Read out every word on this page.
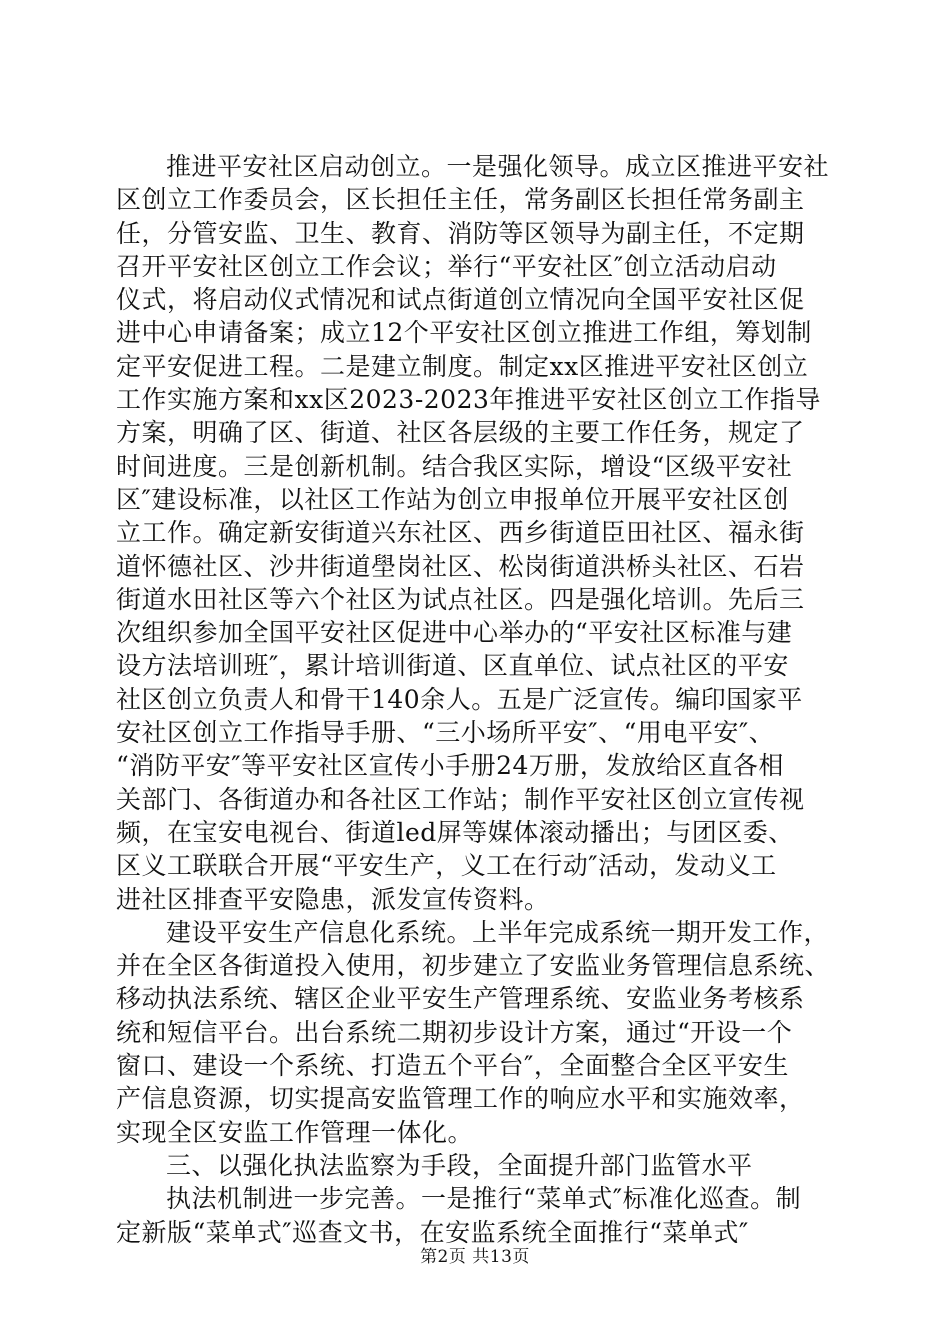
推进平安社区启动创立。一是强化领导。成立区推进平安社
区创立工作委员会，区长担任主任，常务副区长担任常务副主
任，分管安监、卫生、教育、消防等区领导为副主任，不定期
召开平安社区创立工作会议；举行“平安社区″创立活动启动
仪式，将启动仪式情况和试点街道创立情况向全国平安社区促
进中心申请备案；成立12个平安社区创立推进工作组，筹划制
定平安促进工程。二是建立制度。制定xx区推进平安社区创立
工作实施方案和xx区2023-2023年推进平安社区创立工作指导
方案，明确了区、街道、社区各层级的主要工作任务，规定了
时间进度。三是创新机制。结合我区实际，增设“区级平安社
区″建设标准，以社区工作站为创立申报单位开展平安社区创
立工作。确定新安街道兴东社区、西乡街道臣田社区、福永街
道怀德社区、沙井街道壆岗社区、松岗街道洪桥头社区、石岩
街道水田社区等六个社区为试点社区。四是强化培训。先后三
次组织参加全国平安社区促进中心举办的“平安社区标准与建
设方法培训班″，累计培训街道、区直单位、试点社区的平安
社区创立负责人和骨干140余人。五是广泛宣传。编印国家平
安社区创立工作指导手册、“三小场所平安″、“用电平安″、
“消防平安″等平安社区宣传小手册24万册，发放给区直各相
关部门、各街道办和各社区工作站；制作平安社区创立宣传视
频，在宝安电视台、街道led屏等媒体滚动播出；与团区委、
区义工联联合开展“平安生产，义工在行动″活动，发动义工
进社区排查平安隐患，派发宣传资料。
建设平安生产信息化系统。上半年完成系统一期开发工作，
并在全区各街道投入使用，初步建立了安监业务管理信息系统、
移动执法系统、辖区企业平安生产管理系统、安监业务考核系
统和短信平台。出台系统二期初步设计方案，通过“开设一个
窗口、建设一个系统、打造五个平台″，全面整合全区平安生
产信息资源，切实提高安监管理工作的响应水平和实施效率，
实现全区安监工作管理一体化。
三、以强化执法监察为手段，全面提升部门监管水平
执法机制进一步完善。一是推行“菜单式″标准化巡查。制
定新版“菜单式″巡查文书，在安监系统全面推行“菜单式″
第2页 共13页
